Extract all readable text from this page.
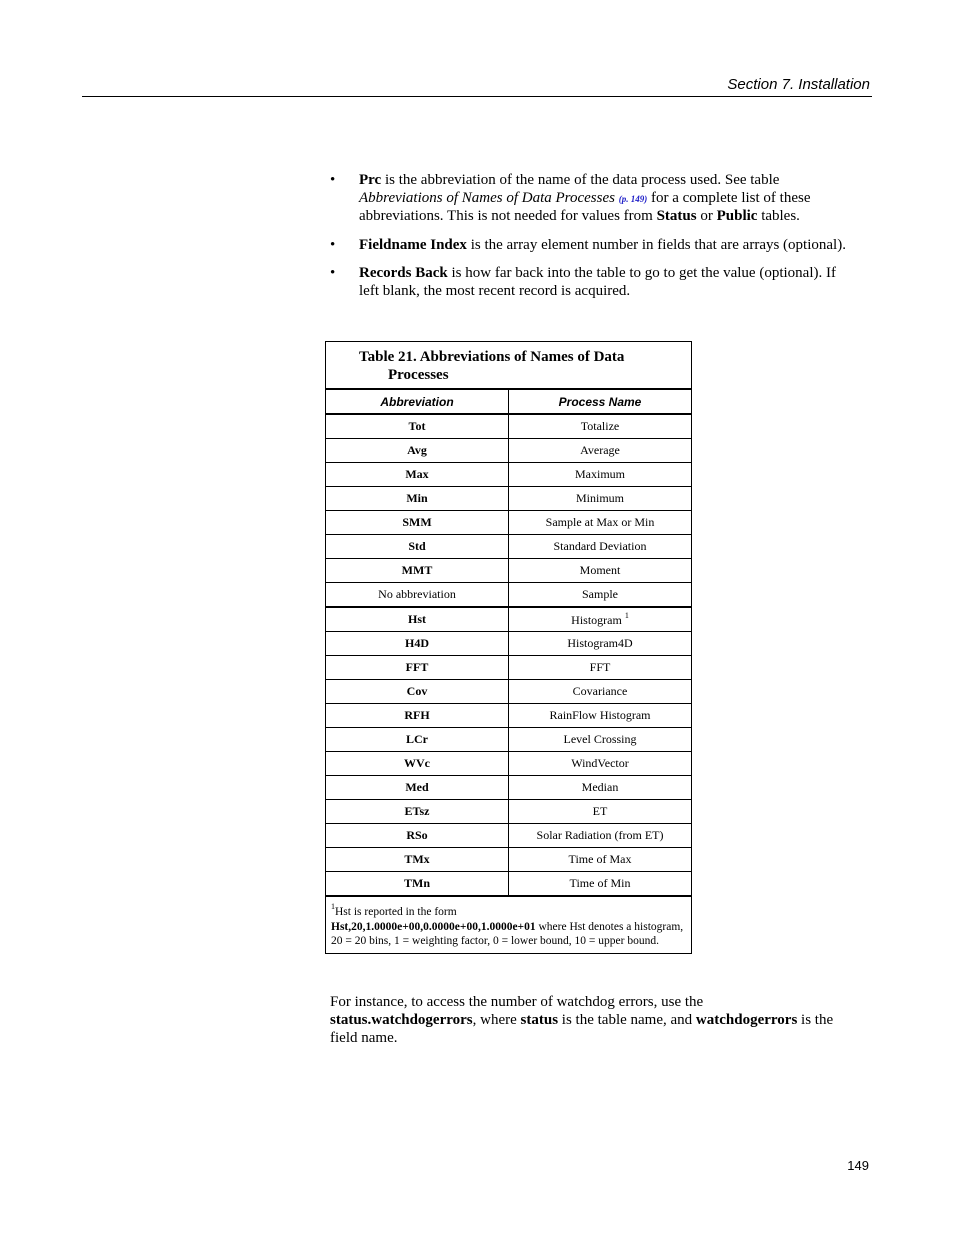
Section 7. Installation
• Prc is the abbreviation of the name of the data process used. See table Abbreviations of Names of Data Processes (p. 149) for a complete list of these abbreviations. This is not needed for values from Status or Public tables.
• Fieldname Index is the array element number in fields that are arrays (optional).
• Records Back is how far back into the table to go to get the value (optional). If left blank, the most recent record is acquired.
Table 21. Abbreviations of Names of Data
Processes
Abbreviation	Process Name
Tot	Totalize
Avg	Average
Max	Maximum
Min	Minimum
SMM	Sample at Max or Min
Std	Standard Deviation
MMT	Moment
No abbreviation	Sample
Hst	Histogram $^1$
H4D	Histogram4D
FFT	FFT
Cov	Covariance
RFH	RainFlow Histogram
LCr	Level Crossing
WVc	WindVector
Med	Median
ETsz	ET
RSo	Solar Radiation (from ET)
TMx	Time of Max
TMn	Time of Min
$^1$Hst is reported in the form
Hst,20,1.0000e+00,0.0000e+00,1.0000e+01 where Hst denotes a histogram, 20 = 20 bins, 1 = weighting factor, 0 = lower bound, 10 = upper bound.

For instance, to access the number of watchdog errors, use the status.watchdogerrors, where status is the table name, and watchdogerrors is the field name.

149
